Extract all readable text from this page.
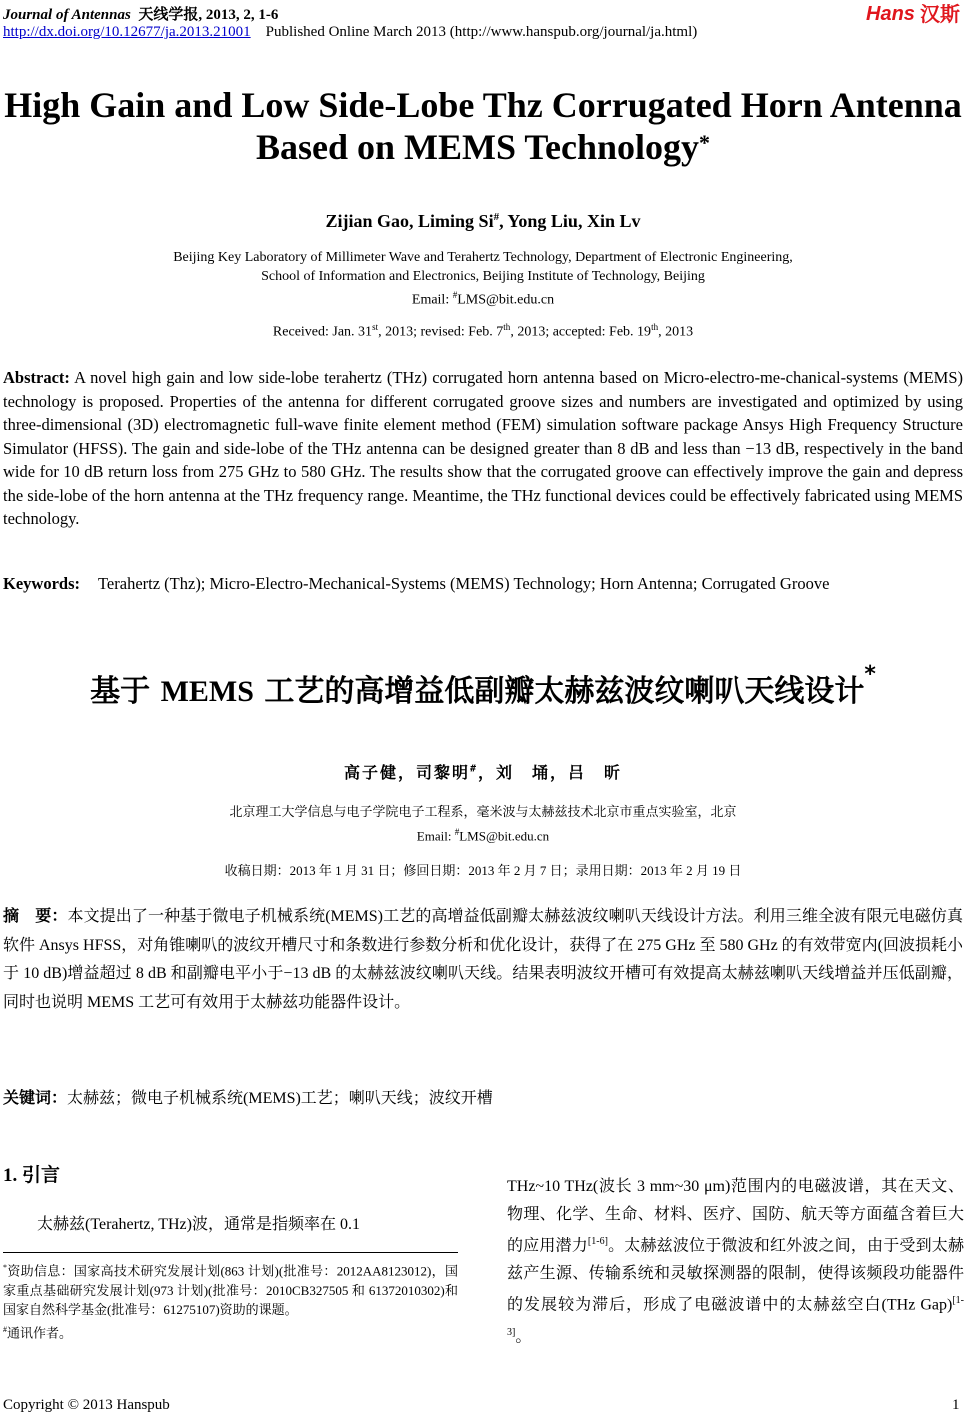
Journal of Antennas 天线学报, 2013, 2, 1-6
http://dx.doi.org/10.12677/ja.2013.21001 Published Online March 2013 (http://www.hanspub.org/journal/ja.html)
Hans 汉斯
High Gain and Low Side-Lobe Thz Corrugated Horn Antenna
Based on MEMS Technology*
Zijian Gao, Liming Si#, Yong Liu, Xin Lv
Beijing Key Laboratory of Millimeter Wave and Terahertz Technology, Department of Electronic Engineering,
School of Information and Electronics, Beijing Institute of Technology, Beijing
Email: #LMS@bit.edu.cn
Received: Jan. 31st, 2013; revised: Feb. 7th, 2013; accepted: Feb. 19th, 2013
Abstract: A novel high gain and low side-lobe terahertz (THz) corrugated horn antenna based on Micro-electro-me-chanical-systems (MEMS) technology is proposed. Properties of the antenna for different corrugated groove sizes and numbers are investigated and optimized by using three-dimensional (3D) electromagnetic full-wave finite element method (FEM) simulation software package Ansys High Frequency Structure Simulator (HFSS). The gain and side-lobe of the THz antenna can be designed greater than 8 dB and less than −13 dB, respectively in the band wide for 10 dB return loss from 275 GHz to 580 GHz. The results show that the corrugated groove can effectively improve the gain and depress the side-lobe of the horn antenna at the THz frequency range. Meantime, the THz functional devices could be effectively fabricated using MEMS technology.
Keywords: Terahertz (Thz); Micro-Electro-Mechanical-Systems (MEMS) Technology; Horn Antenna; Corrugated Groove
基于 MEMS 工艺的高增益低副瓣太赫兹波纹喇叭天线设计*
高子健，司黎明#，刘　埇，吕　昕
北京理工大学信息与电子学院电子工程系，毫米波与太赫兹技术北京市重点实验室，北京
Email: #LMS@bit.edu.cn
收稿日期：2013 年 1 月 31 日；修回日期：2013 年 2 月 7 日；录用日期：2013 年 2 月 19 日
摘　要：本文提出了一种基于微电子机械系统(MEMS)工艺的高增益低副瓣太赫兹波纹喇叭天线设计方法。利用三维全波有限元电磁仿真软件 Ansys HFSS，对角锥喇叭的波纹开槽尺寸和条数进行参数分析和优化设计，获得了在 275 GHz 至 580 GHz 的有效带宽内(回波损耗小于 10 dB)增益超过 8 dB 和副瓣电平小于−13 dB 的太赫兹波纹喇叭天线。结果表明波纹开槽可有效提高太赫兹喇叭天线增益并压低副瓣，同时也说明 MEMS 工艺可有效用于太赫兹功能器件设计。
关键词：太赫兹；微电子机械系统(MEMS)工艺；喇叭天线；波纹开槽
1. 引言
太赫兹(Terahertz, THz)波，通常是指频率在 0.1
*资助信息：国家高技术研究发展计划(863 计划)(批准号：2012AA8123012)，国家重点基础研究发展计划(973 计划)(批准号：2010CB327505 和 61372010302)和国家自然科学基金(批准号：61275107)资助的课题。
#通讯作者。
THz~10 THz(波长 3 mm~30 μm)范围内的电磁波谱，其在天文、物理、化学、生命、材料、医疗、国防、航天等方面蕴含着巨大的应用潜力[1-6]。太赫兹波位于微波和红外波之间，由于受到太赫兹产生源、传输系统和灵敏探测器的限制，使得该频段功能器件的发展较为滞后，形成了电磁波谱中的太赫兹空白(THz Gap)[1-3]。
Copyright © 2013 Hanspub	1
